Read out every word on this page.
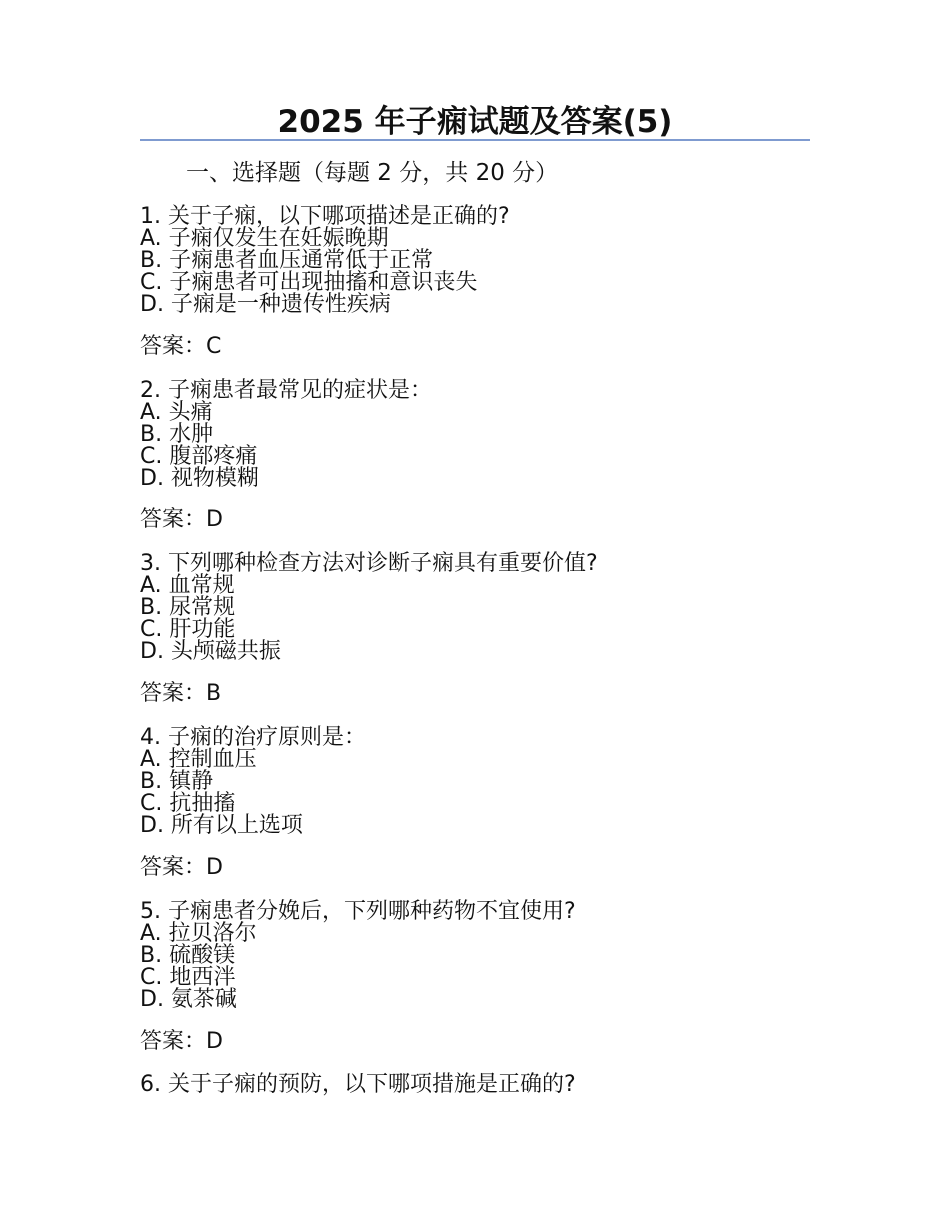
2025 年子痫试题及答案(5)

一、选择题（每题 2 分，共 20 分）

1. 关于子痫，以下哪项描述是正确的?

A. 子痫仅发生在妊娠晚期

B. 子痫患者血压通常低于正常

C. 子痫患者可出现抽搐和意识丧失

D. 子痫是一种遗传性疾病

答案：C

2. 子痫患者最常见的症状是：

A. 头痛

B. 水肿

C. 腹部疼痛

D. 视物模糊

答案：D

3. 下列哪种检查方法对诊断子痫具有重要价值?

A. 血常规

B. 尿常规

C. 肝功能

D. 头颅磁共振

答案：B

4. 子痫的治疗原则是：

A. 控制血压

B. 镇静

C. 抗抽搐

D. 所有以上选项

答案：D

5. 子痫患者分娩后，下列哪种药物不宜使用?

A. 拉贝洛尔

B. 硫酸镁

C. 地西泮

D. 氨茶碱

答案：D

6. 关于子痫的预防，以下哪项措施是正确的?
